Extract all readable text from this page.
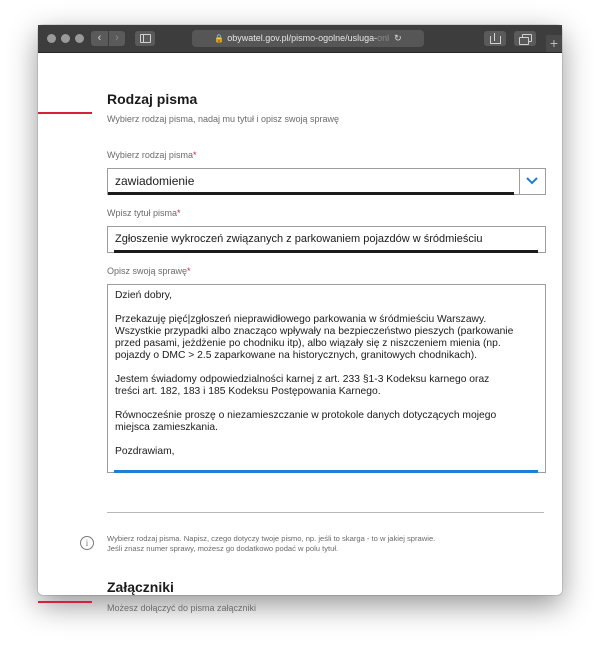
‹	›	🔒 obywatel.gov.pl/pismo-ogolne/usluga-onl ↻	+
Rodzaj pisma
Wybierz rodzaj pisma, nadaj mu tytuł i opisz swoją sprawę
Wybierz rodzaj pisma*
zawiadomienie
Wpisz tytuł pisma*
Zgłoszenie wykroczeń związanych z parkowaniem pojazdów w śródmieściu
Opisz swoją sprawę*

Dzień dobry,

Przekazuję pięć|zgłoszeń nieprawidłowego parkowania w śródmieściu Warszawy.
Wszystkie przypadki albo znacząco wpływały na bezpieczeństwo pieszych (parkowanie
przed pasami, jeżdżenie po chodniku itp), albo wiązały się z niszczeniem mienia (np.
pojazdy o DMC > 2.5 zaparkowane na historycznych, granitowych chodnikach).

Jestem świadomy odpowiedzialności karnej z art. 233 §1-3 Kodeksu karnego oraz
treści art. 182, 183 i 185 Kodeksu Postępowania Karnego.

Równocześnie proszę o niezamieszczanie w protokole danych dotyczących mojego
miejsca zamieszkania.

Pozdrawiam,

i	Wybierz rodzaj pisma. Napisz, czego dotyczy twoje pismo, np. jeśli to skarga - to w jakiej sprawie.
Jeśli znasz numer sprawy, możesz go dodatkowo podać w polu tytuł.
Załączniki
Możesz dołączyć do pisma załączniki
